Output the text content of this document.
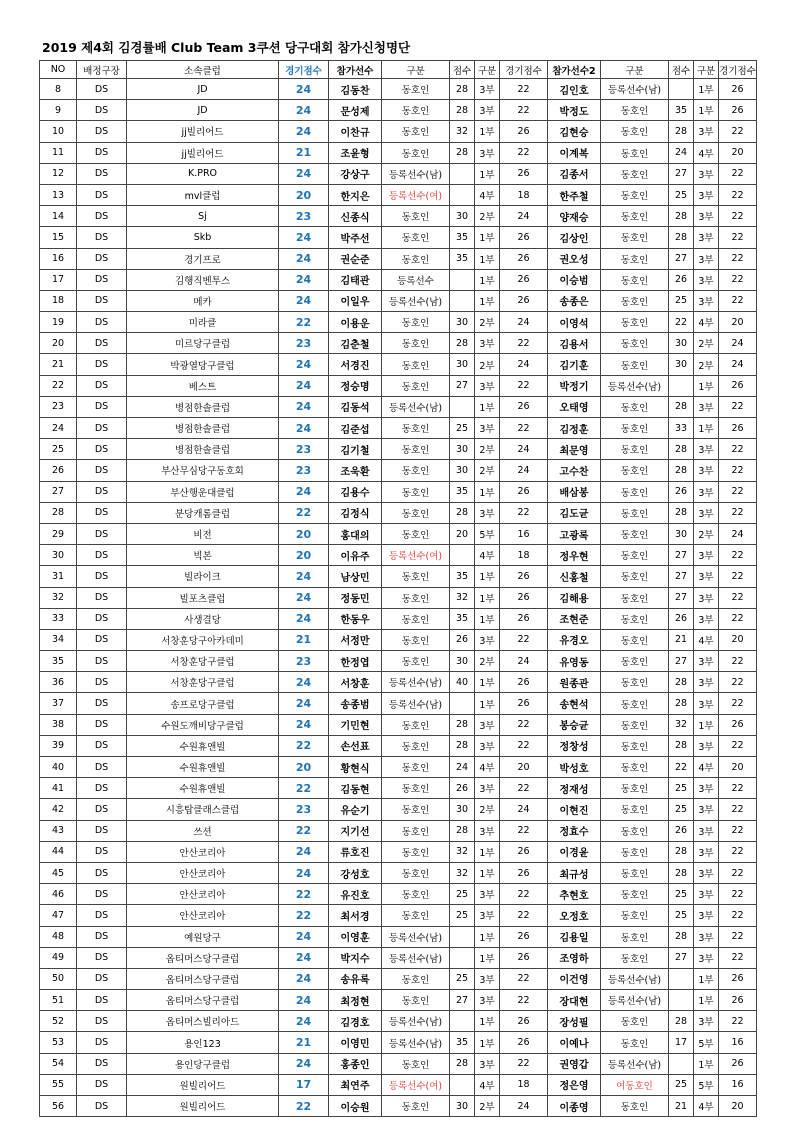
2019 제4회 김경률배 Club Team 3쿠션 당구대회 참가신청명단
NO	배정구장	소속클럽	경기점수	참가선수	구분	점수	구분	경기점수	참가선수2	구분	점수	구분	경기점수
8	DS	JD	24	김동찬	동호인	28	3부	22	김인호	등록선수(남)		1부	26
9	DS	JD	24	문성제	동호인	28	3부	22	박정도	동호인	35	1부	26
10	DS	jj빌리어드	24	이찬규	동호인	32	1부	26	김현승	동호인	28	3부	22
11	DS	jj빌리어드	21	조윤형	동호인	28	3부	22	이계복	동호인	24	4부	20
12	DS	K.PRO	24	강상구	등록선수(남)		1부	26	김종서	동호인	27	3부	22
13	DS	mvl클럽	20	한지은	등록선수(여)		4부	18	한주철	동호인	25	3부	22
14	DS	Sj	23	신종식	동호인	30	2부	24	양재승	동호인	28	3부	22
15	DS	Skb	24	박주선	동호인	35	1부	26	김상인	동호인	28	3부	22
16	DS	경기프로	24	권순준	동호인	35	1부	26	권오성	동호인	27	3부	22
17	DS	김행직벤투스	24	김태관	등록선수		1부	26	이승범	동호인	26	3부	22
18	DS	메카	24	이일우	등록선수(남)		1부	26	송종은	동호인	25	3부	22
19	DS	미라클	22	이용운	동호인	30	2부	24	이영석	동호인	22	4부	20
20	DS	미르당구클럽	23	김춘철	동호인	28	3부	22	김용서	동호인	30	2부	24
21	DS	박광열당구클럽	24	서경진	동호인	30	2부	24	김기훈	동호인	30	2부	24
22	DS	베스트	24	정승명	동호인	27	3부	22	박정기	등록선수(남)		1부	26
23	DS	병점한솔클럽	24	김동석	등록선수(남)		1부	26	오태영	동호인	28	3부	22
24	DS	병점한솔클럽	24	김준섭	동호인	25	3부	22	김정훈	동호인	33	1부	26
25	DS	병점한솔클럽	23	김기철	동호인	30	2부	24	최문영	동호인	28	3부	22
26	DS	부산무심당구동호회	23	조욱환	동호인	30	2부	24	고수찬	동호인	28	3부	22
27	DS	부산행운대클럽	24	김용수	동호인	35	1부	26	배삼봉	동호인	26	3부	22
28	DS	분당캐롬클럽	22	김정식	동호인	28	3부	22	김도균	동호인	28	3부	22
29	DS	비전	20	홍대의	동호인	20	5부	16	고광록	동호인	30	2부	24
30	DS	빅본	20	이유주	등록선수(여)		4부	18	정우현	동호인	27	3부	22
31	DS	빌라이크	24	남상민	동호인	35	1부	26	신홍철	동호인	27	3부	22
32	DS	빌포츠클럽	24	정동민	동호인	32	1부	26	김해용	동호인	27	3부	22
33	DS	사생결당	24	한동우	동호인	35	1부	26	조현준	동호인	26	3부	22
34	DS	서창훈당구아카데미	21	서정만	동호인	26	3부	22	유경오	동호인	21	4부	20
35	DS	서창훈당구클럽	23	한정엽	동호인	30	2부	24	유영동	동호인	27	3부	22
36	DS	서창훈당구클럽	24	서창훈	등록선수(남)	40	1부	26	원종관	동호인	28	3부	22
37	DS	송프로당구클럽	24	송종범	등록선수(남)		1부	26	송현석	동호인	28	3부	22
38	DS	수원도깨비당구클럽	24	기민현	동호인	28	3부	22	봉승균	동호인	32	1부	26
39	DS	수원휴앤빌	22	손선표	동호인	28	3부	22	정창성	동호인	28	3부	22
40	DS	수원휴앤빌	20	황현식	동호인	24	4부	20	박성호	동호인	22	4부	20
41	DS	수원휴앤빌	22	김동현	동호인	26	3부	22	정재성	동호인	25	3부	22
42	DS	시흥탑클래스클럽	23	유순기	동호인	30	2부	24	이현진	동호인	25	3부	22
43	DS	쓰션	22	지기선	동호인	28	3부	22	정효수	동호인	26	3부	22
44	DS	안산코리아	24	류호진	동호인	32	1부	26	이경윤	동호인	28	3부	22
45	DS	안산코리아	24	강성호	동호인	32	1부	26	최규성	동호인	28	3부	22
46	DS	안산코리아	22	유진호	동호인	25	3부	22	추현호	동호인	25	3부	22
47	DS	안산코리아	22	최서경	동호인	25	3부	22	오정호	동호인	25	3부	22
48	DS	예원당구	24	이영훈	등록선수(남)		1부	26	김용일	동호인	28	3부	22
49	DS	옵티머스당구클럽	24	박지수	등록선수(남)		1부	26	조영하	동호인	27	3부	22
50	DS	옵티머스당구클럽	24	송유록	동호인	25	3부	22	이건영	등록선수(남)		1부	26
51	DS	옵티머스당구클럽	24	최정현	동호인	27	3부	22	장대현	등록선수(남)		1부	26
52	DS	옵티머스빌리아드	24	김경호	등록선수(남)		1부	26	장성필	동호인	28	3부	22
53	DS	용인123	21	이영민	등록선수(남)	35	1부	26	이예나	동호인	17	5부	16
54	DS	용인당구클럽	24	홍종인	동호인	28	3부	22	권영갑	등록선수(남)		1부	26
55	DS	원빌리어드	17	최연주	등록선수(여)		4부	18	정은영	여동호인	25	5부	16
56	DS	원빌리어드	22	이승원	동호인	30	2부	24	이종영	동호인	21	4부	20
